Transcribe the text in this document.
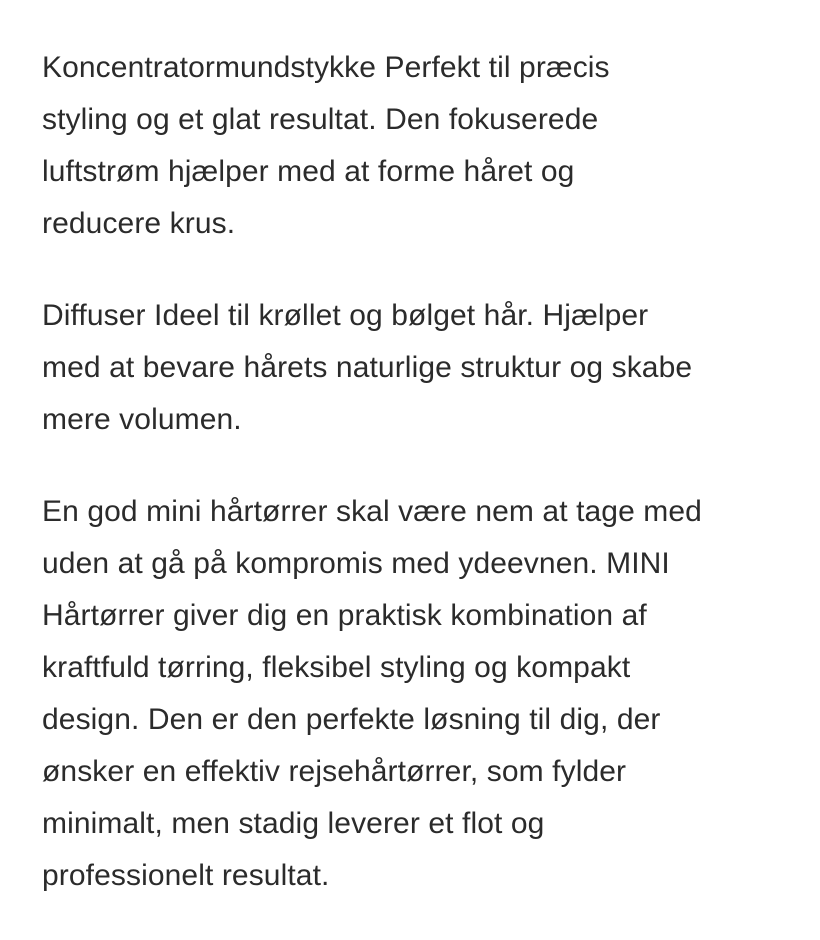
Koncentratormundstykke Perfekt til præcis
styling og et glat resultat. Den fokuserede
luftstrøm hjælper med at forme håret og
reducere krus.

Diffuser Ideel til krøllet og bølget hår. Hjælper
med at bevare hårets naturlige struktur og skabe
mere volumen.

En god mini hårtørrer skal være nem at tage med
uden at gå på kompromis med ydeevnen. MINI
Hårtørrer giver dig en praktisk kombination af
kraftfuld tørring, fleksibel styling og kompakt
design. Den er den perfekte løsning til dig, der
ønsker en effektiv rejsehårtørrer, som fylder
minimalt, men stadig leverer et flot og
professionelt resultat.
